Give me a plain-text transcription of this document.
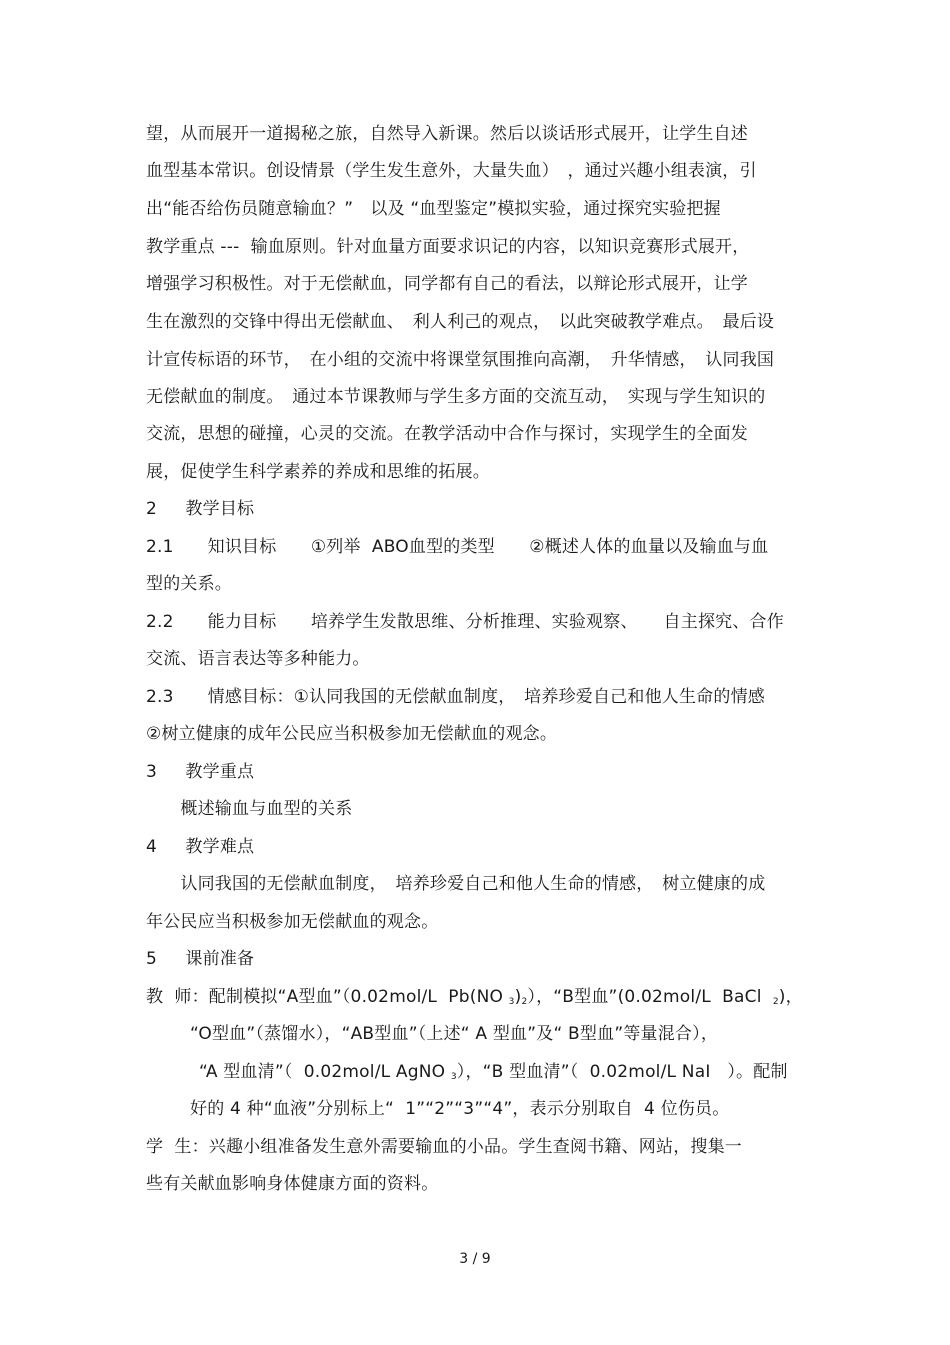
望，从而展开一道揭秘之旅，自然导入新课。然后以谈话形式展开，让学生自述
血型基本常识。创设情景（学生发生意外，大量失血）　，通过兴趣小组表演，引
出“能否给伤员随意输血？”　以及 “血型鉴定”模拟实验，通过探究实验把握
教学重点 ---  输血原则。针对血量方面要求识记的内容，以知识竞赛形式展开，
增强学习积极性。对于无偿献血，同学都有自己的看法，以辩论形式展开，让学
生在激烈的交锋中得出无偿献血、　利人利己的观点，　以此突破教学难点。　最后设
计宣传标语的环节，　在小组的交流中将课堂氛围推向高潮，　升华情感，　认同我国
无偿献血的制度。　通过本节课教师与学生多方面的交流互动，　实现与学生知识的
交流，思想的碰撞，心灵的交流。在教学活动中合作与探讨，实现学生的全面发
展，促使学生科学素养的养成和思维的拓展。
2　  教学目标
2.1　   知识目标　　①列举  ABO血型的类型　　②概述人体的血量以及输血与血
型的关系。
2.2　   能力目标　　培养学生发散思维、分析推理、实验观察、　　自主探究、合作
交流、语言表达等多种能力。
2.3　   情感目标：①认同我国的无偿献血制度，　培养珍爱自己和他人生命的情感
②树立健康的成年公民应当积极参加无偿献血的观念。
3　  教学重点
　　概述输血与血型的关系
4　  教学难点
　　认同我国的无偿献血制度，　培养珍爱自己和他人生命的情感，　树立健康的成
年公民应当积极参加无偿献血的观念。
5　  课前准备
教  师：配制模拟“A型血”（0.02mol/L  Pb(NO $_3)_2$），“B型血”(0.02mol/L  BaCl  $_2$)，
“O型血”（蒸馏水），“AB型血”（上述“ A 型血”及“ B型血”等量混合），
“A 型血清”（  0.02mol/L AgNO $_3$），“B 型血清”（  0.02mol/L NaI   ）。配制
好的 4 种“血液”分别标上“  1”“2”“3”“4”，表示分别取自  4 位伤员。
学  生：兴趣小组准备发生意外需要输血的小品。学生查阅书籍、网站，搜集一
些有关献血影响身体健康方面的资料。
3 / 9
